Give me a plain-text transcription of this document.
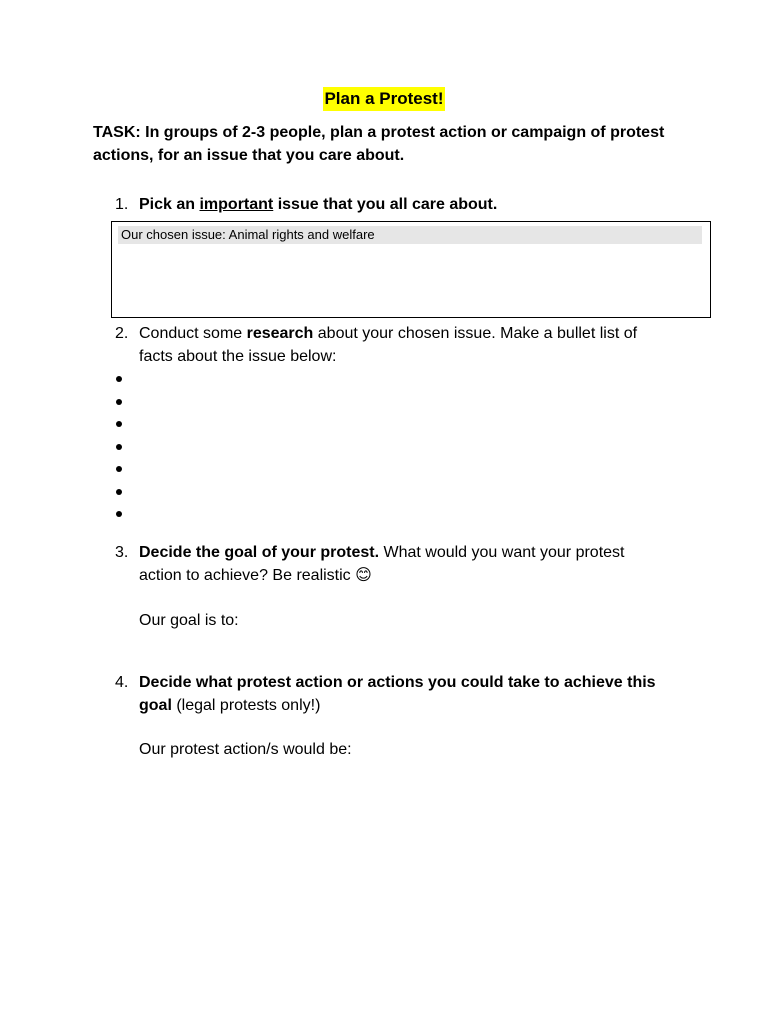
Plan a Protest!
TASK: In groups of 2-3 people, plan a protest action or campaign of protest actions, for an issue that you care about.
1. Pick an important issue that you all care about.
Our chosen issue: Animal rights and welfare
2. Conduct some research about your chosen issue. Make a bullet list of facts about the issue below:
3. Decide the goal of your protest. What would you want your protest action to achieve? Be realistic 😊
Our goal is to:
4. Decide what protest action or actions you could take to achieve this goal (legal protests only!)
Our protest action/s would be:
